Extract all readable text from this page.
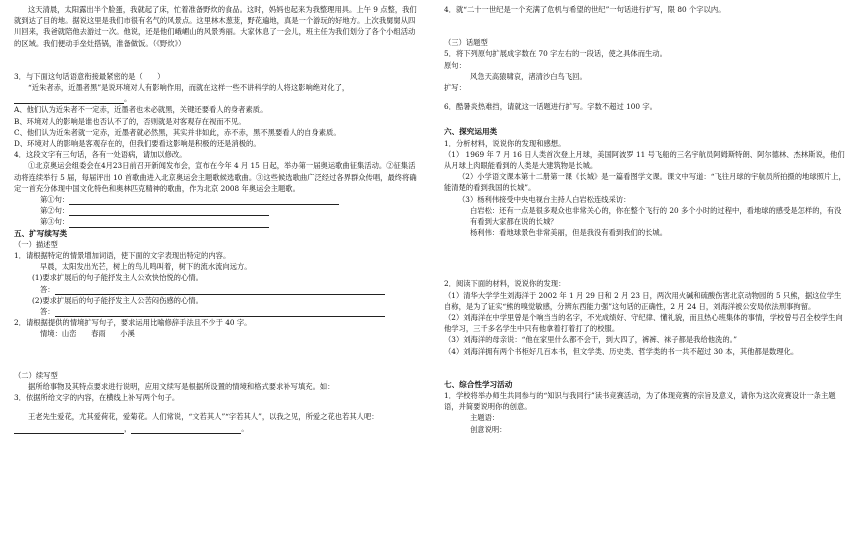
这天清晨，太阳露出半个脸蛋，我就起了床，忙着准备野炊的食品。这时，妈妈也起来为我整理用具。上午 9 点整，我们就到达了目的地。据说这里是我们市很有名气的风景点。这里林木葱茏，野花遍地，真是一个游玩的好地方。上次我舅舅从四川回来，我爸就陪他去游过一次。他说，还是他们峨嵋山的风景秀丽。大家休息了一会儿，班主任为我们划分了各个小组活动的区域。我们便动手垒灶搭锅，准备做饭。（《野炊》）

3．与下面这句话语意衔接最紧密的是（　　）

“近朱者赤，近墨者黑”是说环境对人有影响作用，而就在这样一些不讲科学的人将这影响绝对化了，。

A、他们认为近朱者不一定赤，近墨者也未必就黑，关键还要看人的身者素质。

B、环境对人的影响是谁也否认不了的，否则就是对客观存在视而不见。

C、他们认为近朱者就一定赤，近墨者就必然黑，其实并非如此，赤不赤，黑不黑要看人的自身素质。

D、环境对人的影响是客观存在的，但我们要看这影响是积极的还是消极的。

4．这段文字有三句话，各有一处语病，请加以修改。

①北京奥运会组委会在4月23日前召开新闻发布会，宣布在今年 4 月 15 日起，举办第一届奥运歌曲征集活动。②征集活动将连续举行 5 届，每届评出 10 首歌曲进入北京奥运会主题歌候选歌曲。③这些候选歌曲广泛经过各界群众传唱，最终将确定一首充分体现中国文化特色和奥林匹克精神的歌曲，作为北京 2008 年奥运会主题歌。

第①句：

第②句：

第③句：

五、扩写续写类

（一）描述型

1．请根据特定的情景增加词语，使下面的文字表现出特定的内容。

早晨，太阳发出光芒，树上的鸟儿鸣叫着，树下的流水流向远方。

(1)要求扩展后的句子能抒发主人公欢快怡悦的心情。

答：

(2)要求扩展后的句子能抒发主人公苦闷伤感的心情。

答：

2．请根据提供的情境扩写句子，要求运用比喻修辞手法且不少于 40 字。

情境：山峦　　春雨　　小溪

（二）续写型

据所给事物及其特点要求进行说明，应用文续写是根据所设置的情境和格式要求补写填充。如：

3．依据所给文字的内容，在横线上补写两个句子。

王老先生爱花，尤其爱荷花，爱菊花。人们常说，“文若其人”“字若其人”，以我之见，所爱之花也若其人吧：，	。

4．就“二十一世纪是一个充满了危机与希望的世纪”一句话进行扩写，限 80 个字以内。

（三）话题型

5．将下列原句扩展成字数在 70 字左右的一段话，使之具体而生动。

原句：

风急天高猿啸哀，渚清沙白鸟飞回。

扩写：

6．酷暑炎热难挡，请就这一话题进行扩写。字数不超过 100 字。

六、探究运用类

1．分析材料，说说你的发现和感想。

（1） 1969 年 7 月 16 日人类首次登上月球，美国阿波罗 11 号飞船的三名宇航员阿姆斯特朗、阿尔德林、杰林斯说，他们从月球上肉眼能看到的人类是大建筑物是长城。

（2）小学语文课本第十二册第一课《长城》是一篇看图学文课。课文中写道：“飞往月球的宇航员所拍摄的地球照片上，能清楚的看到我国的长城”。

（3）杨利伟接受中央电视台主持人白岩松连线采访：

白岩松：还有一点是很多观众也非常关心的，你在整个飞行的 20 多个小时的过程中，看地球的感受是怎样的，有没有看到大家都在说的长城？

杨利伟：看地球景色非常美丽，但是我没有看到我们的长城。

2．阅读下面的材料，说说你的发现：

（1）清华大学学生刘海洋于 2002 年 1 月 29 日和 2 月 23 日，两次用火碱和硫酸伤害北京动物园的 5 只熊，据这位学生自称，是为了证实“熊的嗅觉敏感，分辨东西能力强”这句话的正确性，2 月 24 日，刘海洋被公安局依法刑事拘留。

（2）刘海洋在中学里曾是个响当当的名字，不光成绩好、守纪律、懂礼貌，而且热心班集体的事情，学校曾号召全校学生向他学习，三千多名学生中只有他拿着打着打了的校服。

（3）刘海洋的母亲说：“他在家里什么都不会干，到大四了，裤裤、袜子都是我给他洗的。”

（4）刘海洋拥有两个书柜好几百本书，但文学类、历史类、哲学类的书一共不超过 30 本，其他都是数理化。

七、综合性学习活动

1．学校将举办师生共同参与的“知识与我同行”读书竞赛活动，为了体现竞赛的宗旨及意义，请你为这次竞赛设计一条主题语，并简要说明你的创意。

主题语：

创意说明：
